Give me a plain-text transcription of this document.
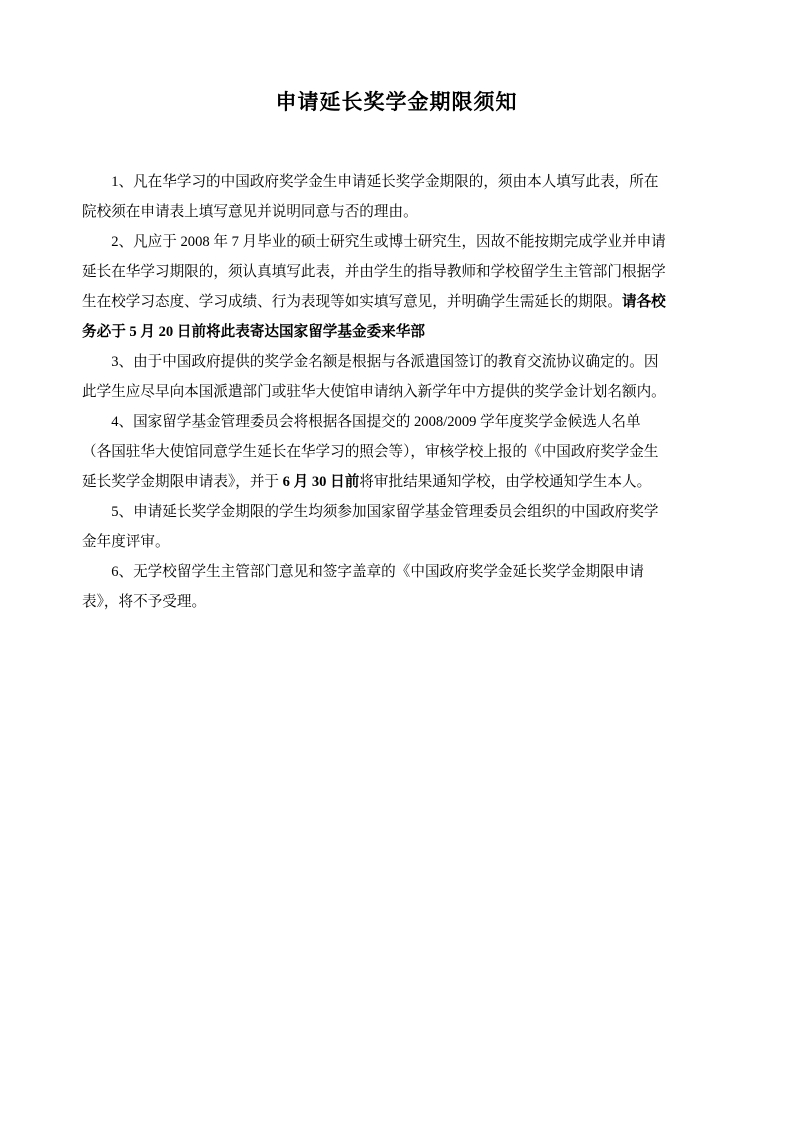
申请延长奖学金期限须知

1、凡在华学习的中国政府奖学金生申请延长奖学金期限的，须由本人填写此表，所在

院校须在申请表上填写意见并说明同意与否的理由。

2、凡应于 2008 年 7 月毕业的硕士研究生或博士研究生，因故不能按期完成学业并申请

延长在华学习期限的，须认真填写此表，并由学生的指导教师和学校留学生主管部门根据学

生在校学习态度、学习成绩、行为表现等如实填写意见，并明确学生需延长的期限。请各校

务必于 5 月 20 日前将此表寄达国家留学基金委来华部

3、由于中国政府提供的奖学金名额是根据与各派遣国签订的教育交流协议确定的。因

此学生应尽早向本国派遣部门或驻华大使馆申请纳入新学年中方提供的奖学金计划名额内。

4、国家留学基金管理委员会将根据各国提交的 2008/2009 学年度奖学金候选人名单

（各国驻华大使馆同意学生延长在华学习的照会等），审核学校上报的《中国政府奖学金生

延长奖学金期限申请表》，并于 6 月 30 日前将审批结果通知学校，由学校通知学生本人。

5、申请延长奖学金期限的学生均须参加国家留学基金管理委员会组织的中国政府奖学

金年度评审。

6、无学校留学生主管部门意见和签字盖章的《中国政府奖学金延长奖学金期限申请

表》，将不予受理。
